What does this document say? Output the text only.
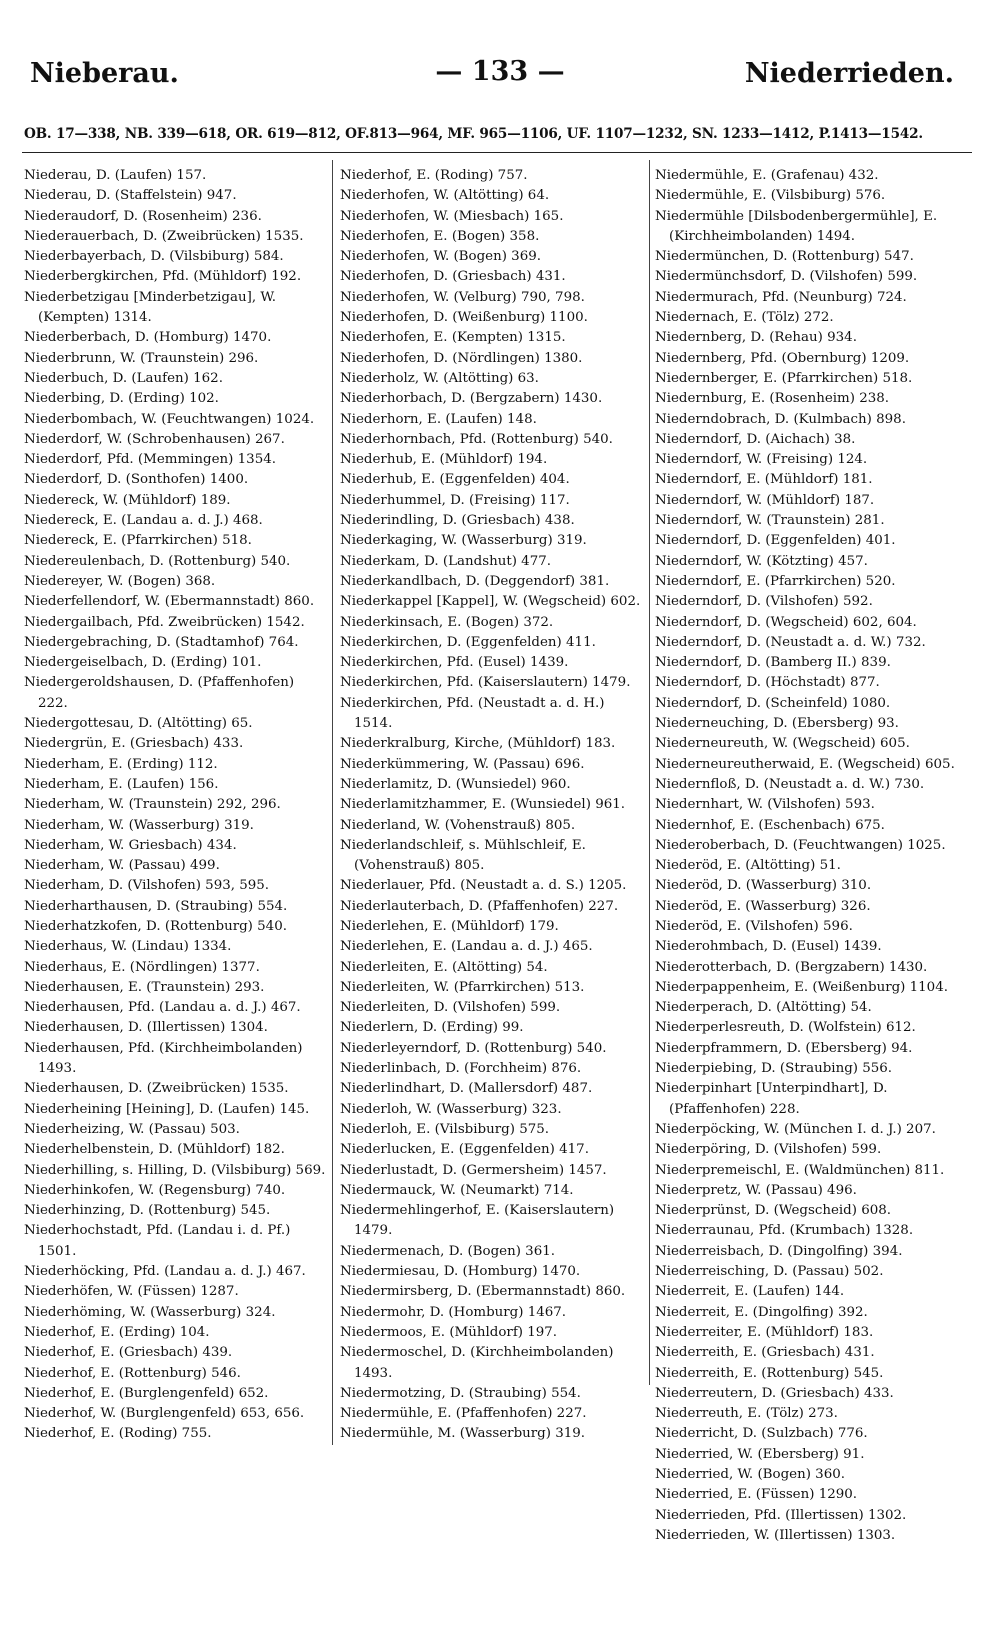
Nieberau.	— 133 —	Niederrieden.
OB. 17—338, NB. 339—618, OR. 619—812, OF.813—964, MF. 965—1106, UF. 1107—1232, SN. 1233—1412, P.1413—1542.

Niederau, D. (Laufen) 157.

Niederau, D. (Staffelstein) 947.

Niederaudorf, D. (Rosenheim) 236.

Niederauerbach, D. (Zweibrücken) 1535.

Niederbayerbach, D. (Vilsbiburg) 584.

Niederbergkirchen, Pfd. (Mühldorf) 192.

Niederbetzigau [Minderbetzigau], W. (Kempten) 1314.

Niederberbach, D. (Homburg) 1470.

Niederbrunn, W. (Traunstein) 296.

Niederbuch, D. (Laufen) 162.

Niederbing, D. (Erding) 102.

Niederbombach, W. (Feuchtwangen) 1024.

Niederdorf, W. (Schrobenhausen) 267.

Niederdorf, Pfd. (Memmingen) 1354.

Niederdorf, D. (Sonthofen) 1400.

Niedereck, W. (Mühldorf) 189.

Niedereck, E. (Landau a. d. J.) 468.

Niedereck, E. (Pfarrkirchen) 518.

Niedereulenbach, D. (Rottenburg) 540.

Niedereyer, W. (Bogen) 368.

Niederfellendorf, W. (Ebermannstadt) 860.

Niedergailbach, Pfd. Zweibrücken) 1542.

Niedergebraching, D. (Stadtamhof) 764.

Niedergeiselbach, D. (Erding) 101.

Niedergeroldshausen, D. (Pfaffenhofen) 222.

Niedergottesau, D. (Altötting) 65.

Niedergrün, E. (Griesbach) 433.

Niederham, E. (Erding) 112.

Niederham, E. (Laufen) 156.

Niederham, W. (Traunstein) 292, 296.

Niederham, W. (Wasserburg) 319.

Niederham, W. Griesbach) 434.

Niederham, W. (Passau) 499.

Niederham, D. (Vilshofen) 593, 595.

Niederharthausen, D. (Straubing) 554.

Niederhatzkofen, D. (Rottenburg) 540.

Niederhaus, W. (Lindau) 1334.

Niederhaus, E. (Nördlingen) 1377.

Niederhausen, E. (Traunstein) 293.

Niederhausen, Pfd. (Landau a. d. J.) 467.

Niederhausen, D. (Illertissen) 1304.

Niederhausen, Pfd. (Kirchheimbolanden) 1493.

Niederhausen, D. (Zweibrücken) 1535.

Niederheining [Heining], D. (Laufen) 145.

Niederheizing, W. (Passau) 503.

Niederhelbenstein, D. (Mühldorf) 182.

Niederhilling, s. Hilling, D. (Vilsbiburg) 569.

Niederhinkofen, W. (Regensburg) 740.

Niederhinzing, D. (Rottenburg) 545.

Niederhochstadt, Pfd. (Landau i. d. Pf.) 1501.

Niederhöcking, Pfd. (Landau a. d. J.) 467.

Niederhöfen, W. (Füssen) 1287.

Niederhöming, W. (Wasserburg) 324.

Niederhof, E. (Erding) 104.

Niederhof, E. (Griesbach) 439.

Niederhof, E. (Rottenburg) 546.

Niederhof, E. (Burglengenfeld) 652.

Niederhof, W. (Burglengenfeld) 653, 656.

Niederhof, E. (Roding) 755.

Niederhof, E. (Roding) 757.

Niederhofen, W. (Altötting) 64.

Niederhofen, W. (Miesbach) 165.

Niederhofen, E. (Bogen) 358.

Niederhofen, W. (Bogen) 369.

Niederhofen, D. (Griesbach) 431.

Niederhofen, W. (Velburg) 790, 798.

Niederhofen, D. (Weißenburg) 1100.

Niederhofen, E. (Kempten) 1315.

Niederhofen, D. (Nördlingen) 1380.

Niederholz, W. (Altötting) 63.

Niederhorbach, D. (Bergzabern) 1430.

Niederhorn, E. (Laufen) 148.

Niederhornbach, Pfd. (Rottenburg) 540.

Niederhub, E. (Mühldorf) 194.

Niederhub, E. (Eggenfelden) 404.

Niederhummel, D. (Freising) 117.

Niederindling, D. (Griesbach) 438.

Niederkaging, W. (Wasserburg) 319.

Niederkam, D. (Landshut) 477.

Niederkandlbach, D. (Deggendorf) 381.

Niederkappel [Kappel], W. (Wegscheid) 602.

Niederkinsach, E. (Bogen) 372.

Niederkirchen, D. (Eggenfelden) 411.

Niederkirchen, Pfd. (Eusel) 1439.

Niederkirchen, Pfd. (Kaiserslautern) 1479.

Niederkirchen, Pfd. (Neustadt a. d. H.) 1514.

Niederkralburg, Kirche, (Mühldorf) 183.

Niederkümmering, W. (Passau) 696.

Niederlamitz, D. (Wunsiedel) 960.

Niederlamitzhammer, E. (Wunsiedel) 961.

Niederland, W. (Vohenstrauß) 805.

Niederlandschleif, s. Mühlschleif, E. (Vohenstrauß) 805.

Niederlauer, Pfd. (Neustadt a. d. S.) 1205.

Niederlauterbach, D. (Pfaffenhofen) 227.

Niederlehen, E. (Mühldorf) 179.

Niederlehen, E. (Landau a. d. J.) 465.

Niederleiten, E. (Altötting) 54.

Niederleiten, W. (Pfarrkirchen) 513.

Niederleiten, D. (Vilshofen) 599.

Niederlern, D. (Erding) 99.

Niederleyerndorf, D. (Rottenburg) 540.

Niederlinbach, D. (Forchheim) 876.

Niederlindhart, D. (Mallersdorf) 487.

Niederloh, W. (Wasserburg) 323.

Niederloh, E. (Vilsbiburg) 575.

Niederlucken, E. (Eggenfelden) 417.

Niederlustadt, D. (Germersheim) 1457.

Niedermauck, W. (Neumarkt) 714.

Niedermehlingerhof, E. (Kaiserslautern) 1479.

Niedermenach, D. (Bogen) 361.

Niedermiesau, D. (Homburg) 1470.

Niedermirsberg, D. (Ebermannstadt) 860.

Niedermohr, D. (Homburg) 1467.

Niedermoos, E. (Mühldorf) 197.

Niedermoschel, D. (Kirchheimbolanden) 1493.

Niedermotzing, D. (Straubing) 554.

Niedermühle, E. (Pfaffenhofen) 227.

Niedermühle, M. (Wasserburg) 319.

Niedermühle, E. (Grafenau) 432.

Niedermühle, E. (Vilsbiburg) 576.

Niedermühle [Dilsbodenbergermühle], E. (Kirchheimbolanden) 1494.

Niedermünchen, D. (Rottenburg) 547.

Niedermünchsdorf, D. (Vilshofen) 599.

Niedermurach, Pfd. (Neunburg) 724.

Niedernach, E. (Tölz) 272.

Niedernberg, D. (Rehau) 934.

Niedernberg, Pfd. (Obernburg) 1209.

Niedernberger, E. (Pfarrkirchen) 518.

Niedernburg, E. (Rosenheim) 238.

Niederndobrach, D. (Kulmbach) 898.

Niederndorf, D. (Aichach) 38.

Niederndorf, W. (Freising) 124.

Niederndorf, E. (Mühldorf) 181.

Niederndorf, W. (Mühldorf) 187.

Niederndorf, W. (Traunstein) 281.

Niederndorf, D. (Eggenfelden) 401.

Niederndorf, W. (Kötzting) 457.

Niederndorf, E. (Pfarrkirchen) 520.

Niederndorf, D. (Vilshofen) 592.

Niederndorf, D. (Wegscheid) 602, 604.

Niederndorf, D. (Neustadt a. d. W.) 732.

Niederndorf, D. (Bamberg II.) 839.

Niederndorf, D. (Höchstadt) 877.

Niederndorf, D. (Scheinfeld) 1080.

Niederneuching, D. (Ebersberg) 93.

Niederneureuth, W. (Wegscheid) 605.

Niederneureutherwaid, E. (Wegscheid) 605.

Niedernfloß, D. (Neustadt a. d. W.) 730.

Niedernhart, W. (Vilshofen) 593.

Niedernhof, E. (Eschenbach) 675.

Niederoberbach, D. (Feuchtwangen) 1025.

Niederöd, E. (Altötting) 51.

Niederöd, D. (Wasserburg) 310.

Niederöd, E. (Wasserburg) 326.

Niederöd, E. (Vilshofen) 596.

Niederohmbach, D. (Eusel) 1439.

Niederotterbach, D. (Bergzabern) 1430.

Niederpappenheim, E. (Weißenburg) 1104.

Niederperach, D. (Altötting) 54.

Niederperlesreuth, D. (Wolfstein) 612.

Niederpframmern, D. (Ebersberg) 94.

Niederpiebing, D. (Straubing) 556.

Niederpinhart [Unterpindhart], D. (Pfaffenhofen) 228.

Niederpöcking, W. (München I. d. J.) 207.

Niederpöring, D. (Vilshofen) 599.

Niederpremeischl, E. (Waldmünchen) 811.

Niederpretz, W. (Passau) 496.

Niederprünst, D. (Wegscheid) 608.

Niederraunau, Pfd. (Krumbach) 1328.

Niederreisbach, D. (Dingolfing) 394.

Niederreisching, D. (Passau) 502.

Niederreit, E. (Laufen) 144.

Niederreit, E. (Dingolfing) 392.

Niederreiter, E. (Mühldorf) 183.

Niederreith, E. (Griesbach) 431.

Niederreith, E. (Rottenburg) 545.

Niederreutern, D. (Griesbach) 433.

Niederreuth, E. (Tölz) 273.

Niederricht, D. (Sulzbach) 776.

Niederried, W. (Ebersberg) 91.

Niederried, W. (Bogen) 360.

Niederried, E. (Füssen) 1290.

Niederrieden, Pfd. (Illertissen) 1302.

Niederrieden, W. (Illertissen) 1303.
